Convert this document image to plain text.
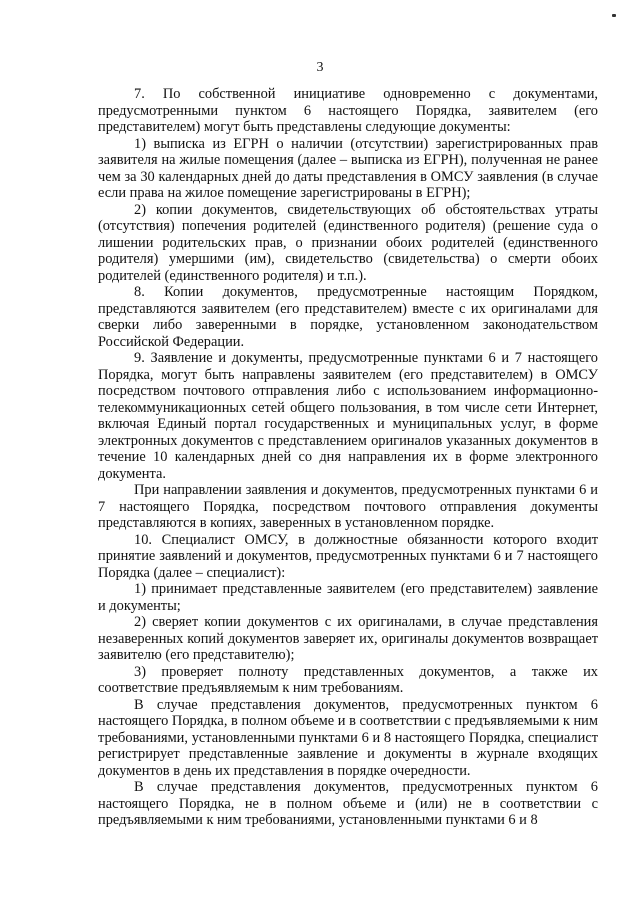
3

7. По собственной инициативе одновременно с документами, предусмотренными пунктом 6 настоящего Порядка, заявителем (его представителем) могут быть представлены следующие документы:

1) выписка из ЕГРН о наличии (отсутствии) зарегистрированных прав заявителя на жилые помещения (далее – выписка из ЕГРН), полученная не ранее чем за 30 календарных дней до даты представления в ОМСУ заявления (в случае если права на жилое помещение зарегистрированы в ЕГРН);

2) копии документов, свидетельствующих об обстоятельствах утраты (отсутствия) попечения родителей (единственного родителя) (решение суда о лишении родительских прав, о признании обоих родителей (единственного родителя) умершими (им), свидетельство (свидетельства) о смерти обоих родителей (единственного родителя) и т.п.).

8. Копии документов, предусмотренные настоящим Порядком, представляются заявителем (его представителем) вместе с их оригиналами для сверки либо заверенными в порядке, установленном законодательством Российской Федерации.

9. Заявление и документы, предусмотренные пунктами 6 и 7 настоящего Порядка, могут быть направлены заявителем (его представителем) в ОМСУ посредством почтового отправления либо с использованием информационно-телекоммуникационных сетей общего пользования, в том числе сети Интернет, включая Единый портал государственных и муниципальных услуг, в форме электронных документов с представлением оригиналов указанных документов в течение 10 календарных дней со дня направления их в форме электронного документа.

При направлении заявления и документов, предусмотренных пунктами 6 и 7 настоящего Порядка, посредством почтового отправления документы представляются в копиях, заверенных в установленном порядке.

10. Специалист ОМСУ, в должностные обязанности которого входит принятие заявлений и документов, предусмотренных пунктами 6 и 7 настоящего Порядка (далее – специалист):

1) принимает представленные заявителем (его представителем) заявление и документы;

2) сверяет копии документов с их оригиналами, в случае представления незаверенных копий документов заверяет их, оригиналы документов возвращает заявителю (его представителю);

3) проверяет полноту представленных документов, а также их соответствие предъявляемым к ним требованиям.

В случае представления документов, предусмотренных пунктом 6 настоящего Порядка, в полном объеме и в соответствии с предъявляемыми к ним требованиями, установленными пунктами 6 и 8 настоящего Порядка, специалист регистрирует представленные заявление и документы в журнале входящих документов в день их представления в порядке очередности.

В случае представления документов, предусмотренных пунктом 6 настоящего Порядка, не в полном объеме и (или) не в соответствии с предъявляемыми к ним требованиями, установленными пунктами 6 и 8
